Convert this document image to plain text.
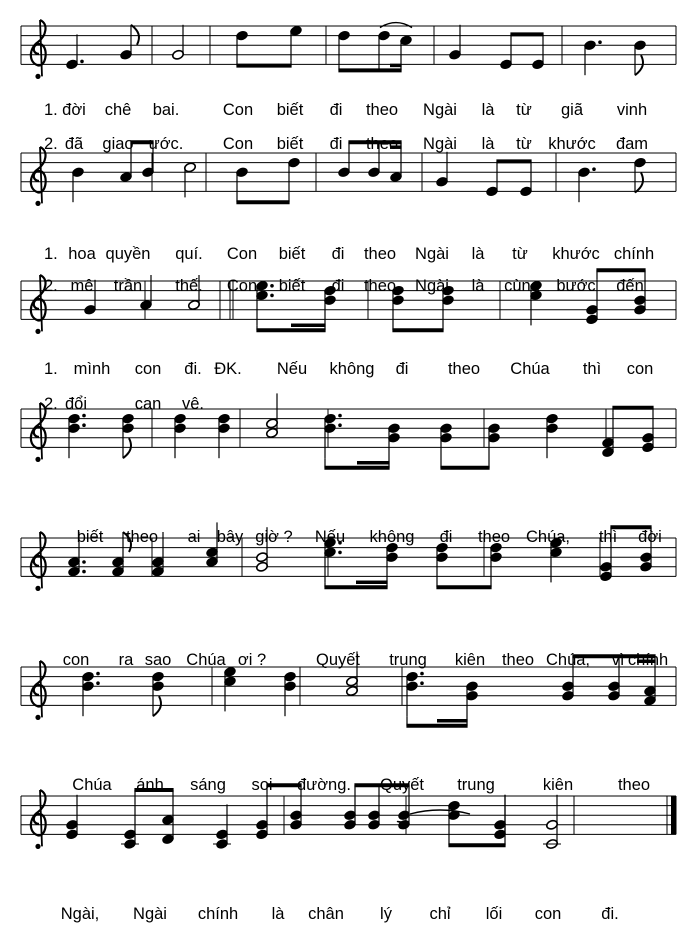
1. đời chê bai.	Con biết đi theo Ngài là từ giã vinh
2. đã giao ước. Con biết đi theo Ngài là từ khước đam
1. hoa quyền quí. Con biết đi theo Ngài là từ khước chính
2. mê trần thế. Con biết đi theo Ngài là cùng bước đến
1. mình con đi. ĐK. Nếu không đi theo Chúa thì con
2. đổi	can vê.
biết theo ai bây giờ ? Nếu không đi theo Chúa, thì đời
con ra sao Chúa ơi ?	Quyết trung kiên theo Chúa, vì chính
Chúa ánh sáng soi đường. Quyết trung	kiên	theo
Ngài, Ngài chính là chân lý chỉ lối con đi.
